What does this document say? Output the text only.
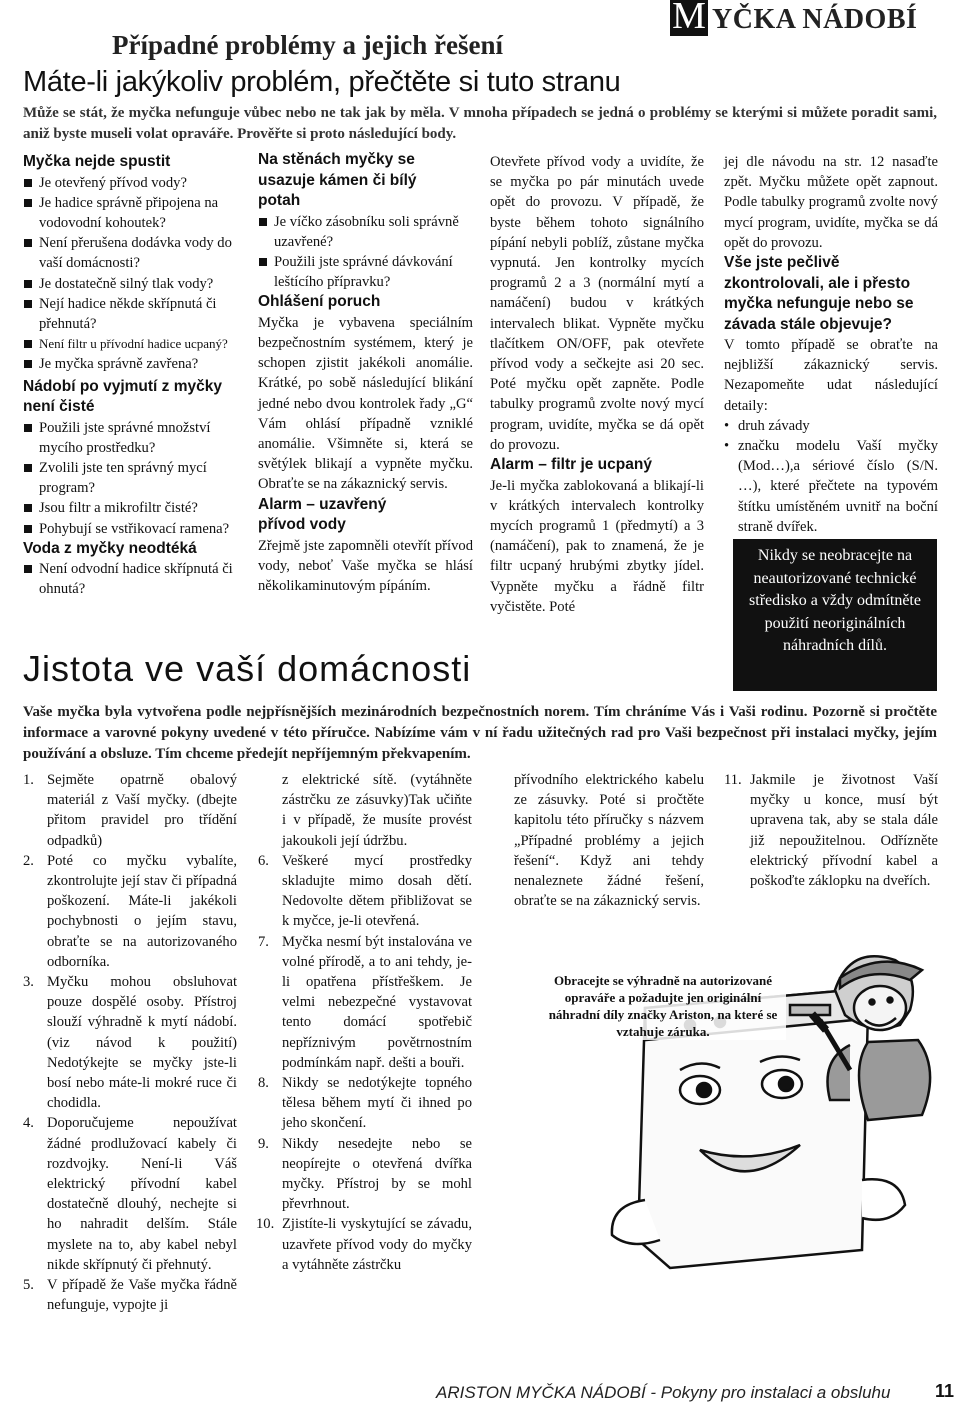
M YČKA NÁDOBÍ
Případné problémy a jejich řešení
Máte-li jakýkoliv problém, přečtěte si tuto stranu
Může se stát, že myčka nefunguje vůbec nebo ne tak jak by měla. V mnoha případech se jedná o problémy se kterými si můžete poradit sami, aniž byste museli volat opraváře. Prověřte si proto následující body.

Myčka nejde spustit

Je otevřený přívod vody?

Je hadice správně připojena na vodovodní kohoutek?

Není přerušena dodávka vody do vaší domácnosti?

Je dostatečně silný tlak vody?

Nejí hadice někde skřípnutá či přehnutá?

Není filtr u přívodní hadice ucpaný?

Je myčka správně zavřena?

Nádobí po vyjmutí z myčky není čisté

Použili jste správné množství mycího prostředku?

Zvolili jste ten správný mycí program?

Jsou filtr a mikrofiltr čisté?

Pohybují se vstřikovací ramena?

Voda z myčky neodtéká

Není odvodní hadice skřípnutá či ohnutá?

Na stěnách myčky se usazuje kámen či bílý potah

Je víčko zásobníku soli správně uzavřené?

Použili jste správné dávkování leštícího přípravku?

Ohlášení poruch

Myčka je vybavena speciálním bezpečnostním systémem, který je schopen zjistit jakékoli anomálie. Krátké, po sobě následující blikání jedné nebo dvou kontrolek řady „G“ Vám ohlásí případně vzniklé anomálie. Všimněte si, která se světýlek blikají a vypněte myčku. Obraťte se na zákaznický servis.

Alarm – uzavřený přívod vody

Zřejmě jste zapomněli otevřít přívod vody, neboť Vaše myčka se hlásí několikaminutovým pípáním.

Otevřete přívod vody a uvidíte, že se myčka po pár minutách uvede opět do provozu. V případě, že byste během tohoto signálního pípání nebyli poblíž, zůstane myčka vypnutá. Jen kontrolky mycích programů 2 a 3 (normální mytí a namáčení) budou v krátkých intervalech blikat. Vypněte myčku tlačítkem ON/OFF, pak otevřete přívod vody a sečkejte asi 20 sec. Poté myčku opět zapněte. Podle tabulky programů zvolte nový mycí program, uvidíte, myčka se dá opět do provozu.

Alarm – filtr je ucpaný

Je-li myčka zablokovaná a blikají-li v krátkých intervalech kontrolky mycích programů 1 (předmytí) a 3 (namáčení), pak to znamená, že je filtr ucpaný hrubými zbytky jídel. Vypněte myčku a řádně filtr vyčistěte. Poté

jej dle návodu na str. 12 nasaďte zpět. Myčku můžete opět zapnout. Podle tabulky programů zvolte nový mycí program, uvidíte, myčka se dá opět do provozu.

Vše jste pečlivě zkontrolovali, ale i přesto myčka nefunguje nebo se závada stále objevuje?

V tomto případě se obraťte na nejbližší zákaznický servis. Nezapomeňte udat následující detaily:

• druh závady

• značku modelu Vaší myčky (Mod…),a sériové číslo (S/N. …), které přečtete na typovém štítku umístěném uvnitř na boční straně dvířek.

Nikdy se neobracejte na neautorizované technické středisko a vždy odmítněte použití neoriginálních náhradních dílů.
Jistota ve vaší domácnosti
Vaše myčka byla vytvořena podle nejpřísnějších mezinárodních bezpečnostních norem. Tím chráníme Vás i Vaši rodinu. Pozorně si pročtěte informace a varovné pokyny uvedené v této příručce. Nabízíme vám v ní řadu užitečných rad pro Vaši bezpečnost při instalaci myčky, jejím používání a obsluze. Tím chceme předejít nepříjemným překvapením.
1. Sejměte opatrně obalový materiál z Vaší myčky. (dbejte přitom pravidel pro třídění odpadků)
2. Poté co myčku vybalíte, zkontrolujte její stav či případná poškození. Máte-li jakékoli pochybnosti o jejím stavu, obraťte se na autorizovaného odborníka.
3. Myčku mohou obsluhovat pouze dospělé osoby. Přístroj slouží výhradně k mytí nádobí. (viz návod k použití) Nedotýkejte se myčky jste-li bosí nebo máte-li mokré ruce či chodidla.
4. Doporučujeme nepoužívat žádné prodlužovací kabely či rozdvojky. Není-li Váš elektrický přívodní kabel dostatečně dlouhý, nechejte si ho nahradit delším. Stále myslete na to, aby kabel nebyl nikde skřípnutý či přehnutý.
5. V případě že Vaše myčka řádně nefunguje, vypojte ji
z elektrické sítě. (vytáhněte zástrčku ze zásuvky)Tak učiňte i v případě, že musíte provést jakoukoli její údržbu.
6. Veškeré mycí prostředky skladujte mimo dosah dětí. Nedovolte dětem přibližovat se k myčce, je-li otevřená.
7. Myčka nesmí být instalována ve volné přírodě, a to ani tehdy, je-li opatřena přístřeškem. Je velmi nebezpečné vystavovat tento domácí spotřebič nepříznivým povětrnostním podmínkám např. dešti a bouři.
8. Nikdy se nedotýkejte topného tělesa během mytí či ihned po jeho skončení.
9. Nikdy nesedejte nebo se neopírejte o otevřená dvířka myčky. Přístroj by se mohl převrhnout.
10. Zjistíte-li vyskytující se závadu, uzavřete přívod vody do myčky a vytáhněte zástrčku
přívodního elektrického kabelu ze zásuvky. Poté si pročtěte kapitolu této příručky s názvem „Případné problémy a jejich řešení“. Když ani tehdy nenaleznete žádné řešení, obraťte se na zákaznický servis.
11. Jakmile je životnost Vaší myčky u konce, musí být upravena tak, aby se stala dále již nepoužitelnou. Odřízněte elektrický přívodní kabel a poškoďte záklopku na dveřích.
Obracejte se výhradně na autorizované opraváře a požadujte jen originální náhradní díly značky Ariston, na které se vztahuje záruka.
ARISTON MYČKA NÁDOBÍ - Pokyny pro instalaci a obsluhu 11
